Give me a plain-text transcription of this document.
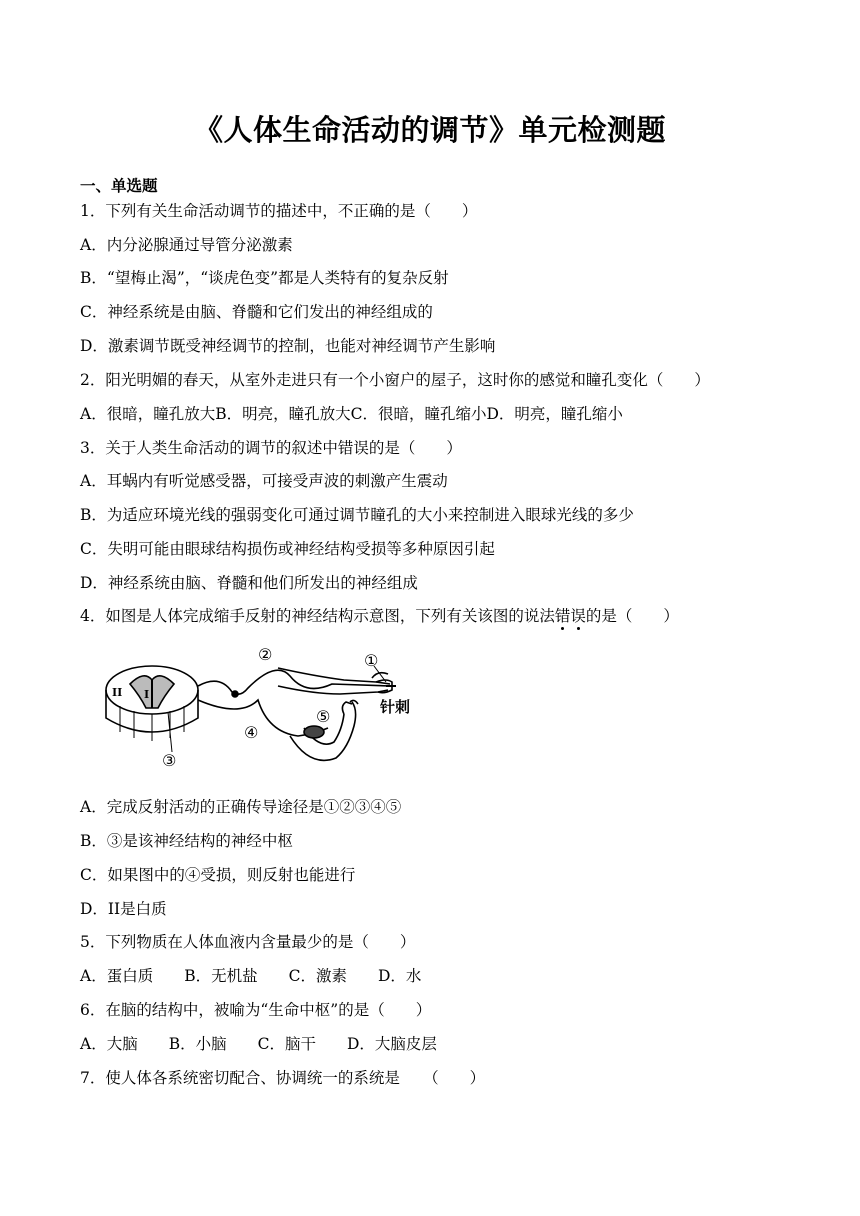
《人体生命活动的调节》单元检测题
一、单选题
1．下列有关生命活动调节的描述中，不正确的是（　　）
A．内分泌腺通过导管分泌激素
B．“望梅止渴”，“谈虎色变”都是人类特有的复杂反射
C．神经系统是由脑、脊髓和它们发出的神经组成的
D．激素调节既受神经调节的控制，也能对神经调节产生影响
2．阳光明媚的春天，从室外走进只有一个小窗户的屋子，这时你的感觉和瞳孔变化（　　）
A．很暗，瞳孔放大B．明亮，瞳孔放大C．很暗，瞳孔缩小D．明亮，瞳孔缩小
3．关于人类生命活动的调节的叙述中错误的是（　　）
A．耳蜗内有听觉感受器，可接受声波的刺激产生震动
B．为适应环境光线的强弱变化可通过调节瞳孔的大小来控制进入眼球光线的多少
C．失明可能由眼球结构损伤或神经结构受损等多种原因引起
D．神经系统由脑、脊髓和他们所发出的神经组成
4．如图是人体完成缩手反射的神经结构示意图，下列有关该图的说法错误的是（　　）
②	①
⑤
④
③
II I
针刺
A．完成反射活动的正确传导途径是①②③④⑤
B．③是该神经结构的神经中枢
C．如果图中的④受损，则反射也能进行
D．II是白质
5．下列物质在人体血液内含量最少的是（　　）
A．蛋白质　　B．无机盐　　C．激素　　D．水
6．在脑的结构中，被喻为“生命中枢”的是（　　）
A．大脑　　B．小脑　　C．脑干　　D．大脑皮层
7．使人体各系统密切配合、协调统一的系统是　　（　　）
